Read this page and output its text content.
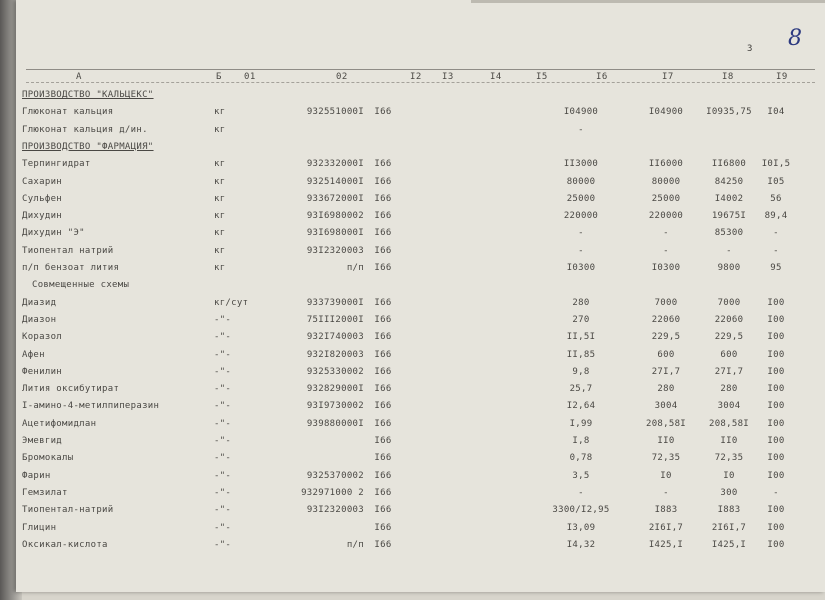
3 8
А	Б 01	02	I2 I3	I4	I5	I6	I7	I8	I9
ПРОИЗВОДСТВО "КАЛЬЦЕКС"
Глюконат кальция	кг	932551000I	I66	I04900	I04900	I0935,75	I04
Глюконат кальция д/ин.	кг	-
ПРОИЗВОДСТВО "ФАРМАЦИЯ"
Терпингидрат	кг	932332000I	I66	II3000	II6000	II6800	I0I,5
Сахарин	кг	932514000I	I66	80000	80000	84250	I05
Сульфен	кг	933672000I	I66	25000	25000	I4002	56
Дихудин	кг	93I6980002	I66	220000	220000	19675I	89,4
Дихудин "Э"	кг	93I698000I	I66	-	-	85300	-
Тиопентал натрий	кг	93I2320003	I66	-	-	-	-
п/п бензоат лития	кг	п/п	I66	I0300	I0300	9800	95
Совмещенные схемы
Диазид	кг/сут	933739000I	I66	280	7000	7000	I00
Диазон	-"-	75III2000I	I66	270	22060	22060	I00
Коразол	-"-	932I740003	I66	II,5I	229,5	229,5	I00
Афен	-"-	932I820003	I66	II,85	600	600	I00
Фенилин	-"-	9325330002	I66	9,8	27I,7	27I,7	I00
Лития оксибутират	-"-	932829000I	I66	25,7	280	280	I00
I-амино-4-метилпиперазин	-"-	93I9730002	I66	I2,64	3004	3004	I00
Ацетифомидлан	-"-	939880000I	I66	I,99	208,58I	208,58I	I00
Эмевгид	-"-	I66	I,8	II0	II0	I00
Бромокалы	-"-	I66	0,78	72,35	72,35	I00
Фарин	-"-	9325370002	I66	3,5	I0	I0	I00
Гемзилат	-"-	932971000 2	I66	-	-	300	-
Тиопентал-натрий	-"-	93I2320003	I66	3300/I2,95	I883	I883	I00
Глицин	-"-	I66	I3,09	2I6I,7	2I6I,7	I00
Оксикал-кислота	-"-	п/п	I66	I4,32	I425,I	I425,I	I00
